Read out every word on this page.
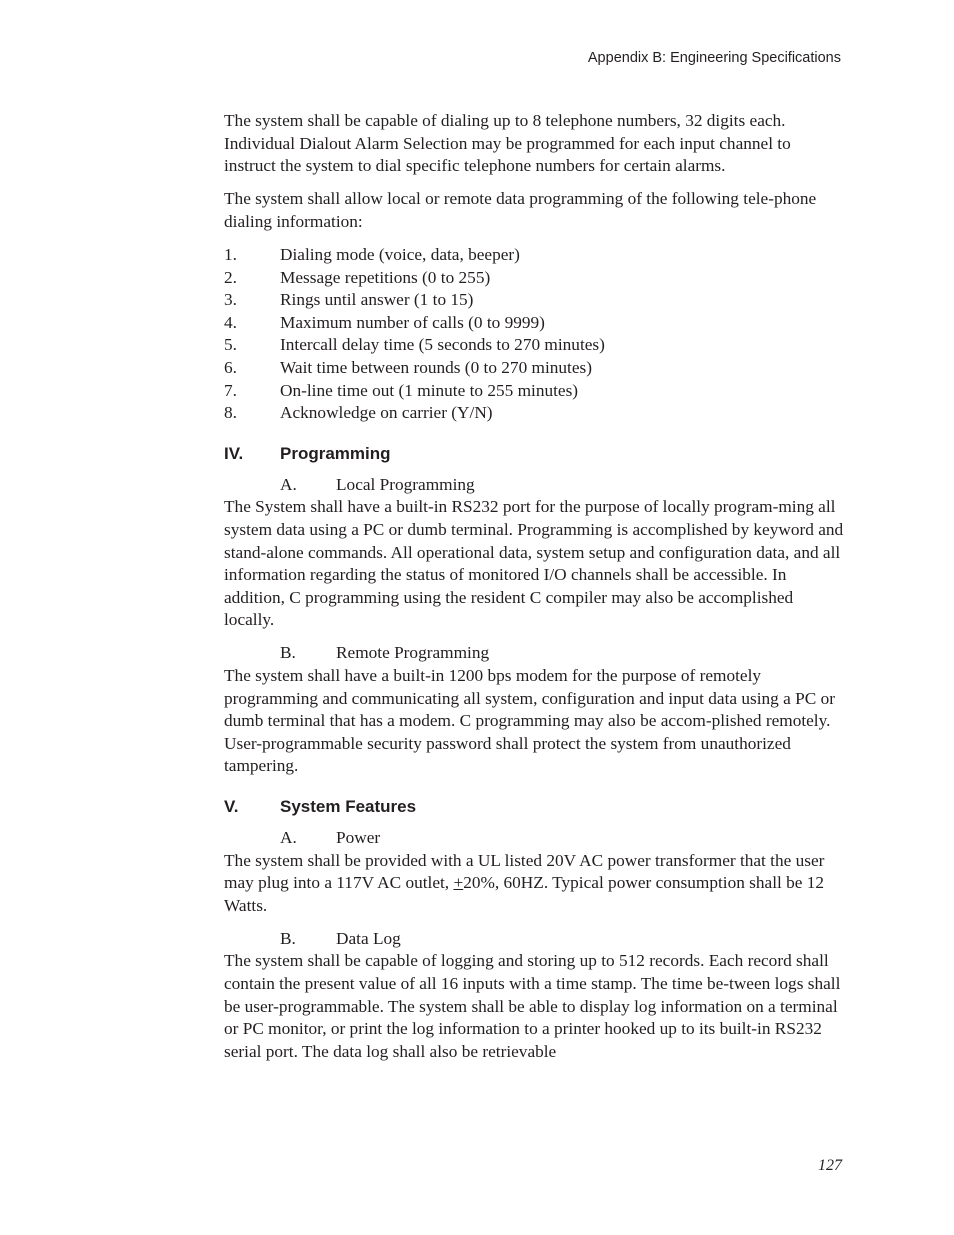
Appendix B: Engineering Specifications

The system shall be capable of dialing up to 8 telephone numbers, 32 digits each. Individual Dialout Alarm Selection may be programmed for each input channel to instruct the system to dial specific telephone numbers for certain alarms.

The system shall allow local or remote data programming of the following tele-phone dialing information:

1.	Dialing mode (voice, data, beeper)
2.	Message repetitions (0 to 255)
3.	Rings until answer (1 to 15)
4.	Maximum number of calls (0 to 9999)
5.	Intercall delay time (5 seconds to 270 minutes)
6.	Wait time between rounds (0 to 270 minutes)
7.	On-line time out (1 minute to 255 minutes)
8.	Acknowledge on carrier (Y/N)
IV.	Programming
A.	Local Programming

The System shall have a built-in RS232 port for the purpose of locally program-ming all system data using a PC or dumb terminal. Programming is accomplished by keyword and stand-alone commands. All operational data, system setup and configuration data, and all information regarding the status of monitored I/O channels shall be accessible. In addition, C programming using the resident C compiler may also be accomplished locally.

B.	Remote Programming

The system shall have a built-in 1200 bps modem for the purpose of remotely programming and communicating all system, configuration and input data using a PC or dumb terminal that has a modem. C programming may also be accom-plished remotely. User-programmable security password shall protect the system from unauthorized tampering.

V.	System Features
A.	Power

The system shall be provided with a UL listed 20V AC power transformer that the user may plug into a 117V AC outlet, +20%, 60HZ. Typical power consumption shall be 12 Watts.

B.	Data Log

The system shall be capable of logging and storing up to 512 records. Each record shall contain the present value of all 16 inputs with a time stamp. The time be-tween logs shall be user-programmable. The system shall be able to display log information on a terminal or PC monitor, or print the log information to a printer hooked up to its built-in RS232 serial port. The data log shall also be retrievable

127
